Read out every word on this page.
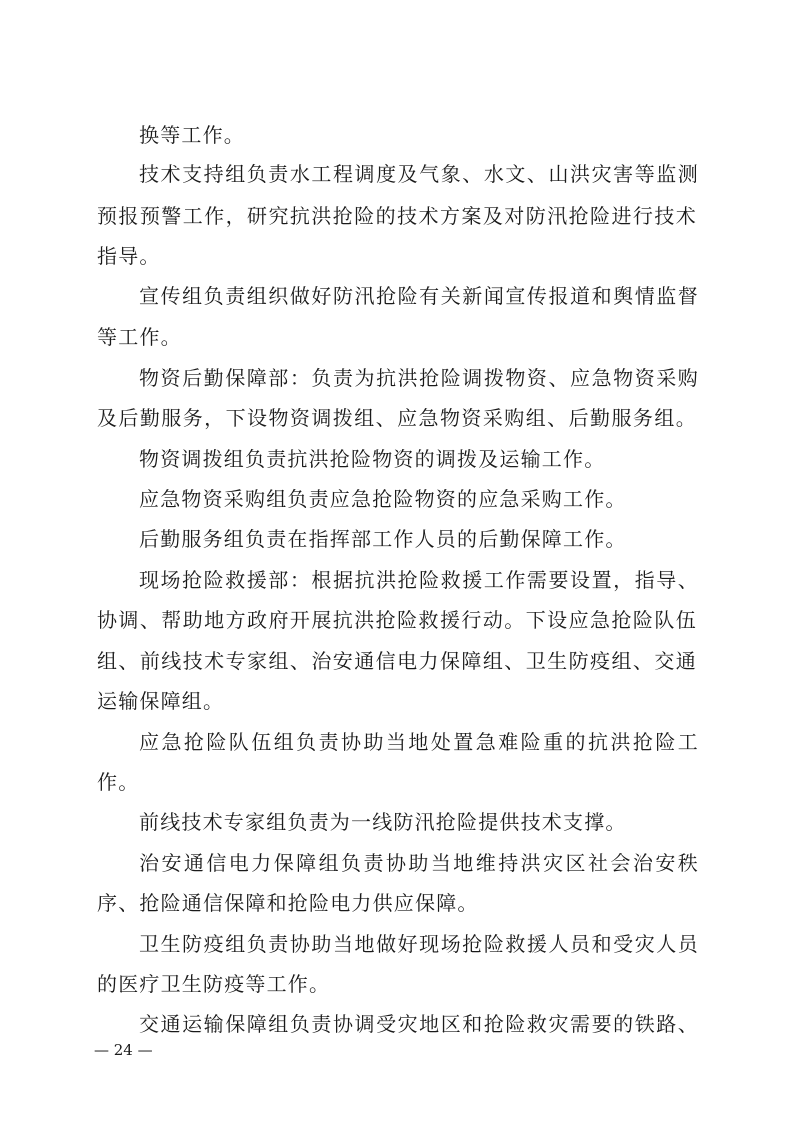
换等工作。
技术支持组负责水工程调度及气象、水文、山洪灾害等监测
预报预警工作，研究抗洪抢险的技术方案及对防汛抢险进行技术
指导。
宣传组负责组织做好防汛抢险有关新闻宣传报道和舆情监督
等工作。
物资后勤保障部：负责为抗洪抢险调拨物资、应急物资采购
及后勤服务，下设物资调拨组、应急物资采购组、后勤服务组。
物资调拨组负责抗洪抢险物资的调拨及运输工作。
应急物资采购组负责应急抢险物资的应急采购工作。
后勤服务组负责在指挥部工作人员的后勤保障工作。
现场抢险救援部：根据抗洪抢险救援工作需要设置，指导、
协调、帮助地方政府开展抗洪抢险救援行动。下设应急抢险队伍
组、前线技术专家组、治安通信电力保障组、卫生防疫组、交通
运输保障组。
应急抢险队伍组负责协助当地处置急难险重的抗洪抢险工
作。
前线技术专家组负责为一线防汛抢险提供技术支撑。
治安通信电力保障组负责协助当地维持洪灾区社会治安秩
序、抢险通信保障和抢险电力供应保障。
卫生防疫组负责协助当地做好现场抢险救援人员和受灾人员
的医疗卫生防疫等工作。
交通运输保障组负责协调受灾地区和抢险救灾需要的铁路、
— 24 —
